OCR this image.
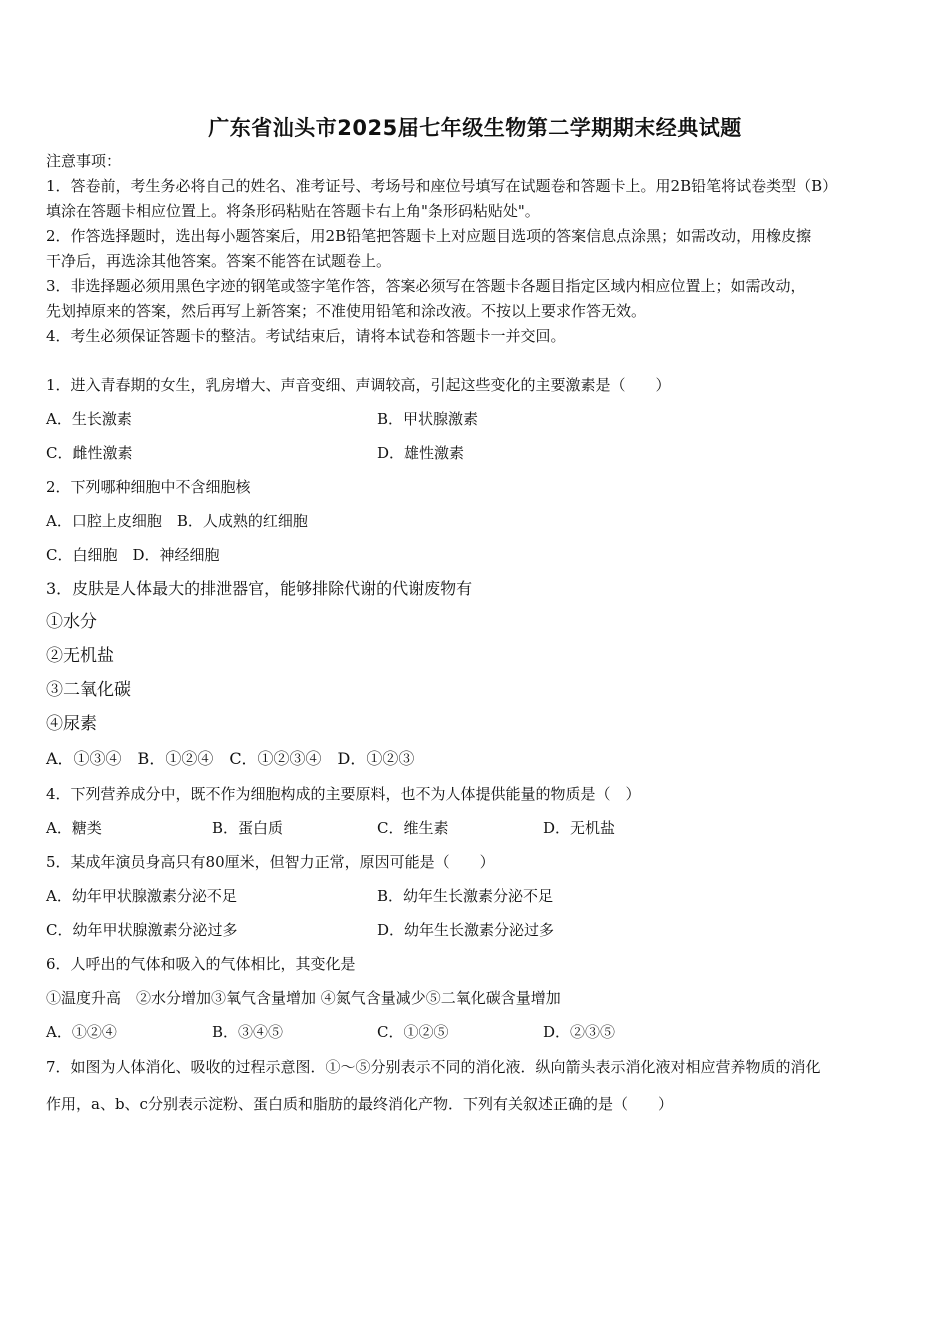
广东省汕头市2025届七年级生物第二学期期末经典试题
注意事项：
1．答卷前，考生务必将自己的姓名、准考证号、考场号和座位号填写在试题卷和答题卡上。用2B铅笔将试卷类型（B）
填涂在答题卡相应位置上。将条形码粘贴在答题卡右上角"条形码粘贴处"。
2．作答选择题时，选出每小题答案后，用2B铅笔把答题卡上对应题目选项的答案信息点涂黑；如需改动，用橡皮擦
干净后，再选涂其他答案。答案不能答在试题卷上。
3．非选择题必须用黑色字迹的钢笔或签字笔作答，答案必须写在答题卡各题目指定区域内相应位置上；如需改动，
先划掉原来的答案，然后再写上新答案；不准使用铅笔和涂改液。不按以上要求作答无效。
4．考生必须保证答题卡的整洁。考试结束后，请将本试卷和答题卡一并交回。
1．进入青春期的女生，乳房增大、声音变细、声调较高，引起这些变化的主要激素是（　　）
A．生长激素	B．甲状腺激素
C．雌性激素	D．雄性激素
2．下列哪种细胞中不含细胞核
A．口腔上皮细胞　B．人成熟的红细胞
C．白细胞　D．神经细胞
3．皮肤是人体最大的排泄器官，能够排除代谢的代谢废物有
①水分
②无机盐
③二氧化碳
④尿素
A．①③④　B．①②④　C．①②③④　D．①②③
4．下列营养成分中，既不作为细胞构成的主要原料，也不为人体提供能量的物质是（　）
A．糖类	B．蛋白质	C．维生素	D．无机盐
5．某成年演员身高只有80厘米，但智力正常，原因可能是（　　）
A．幼年甲状腺激素分泌不足	B．幼年生长激素分泌不足
C．幼年甲状腺激素分泌过多	D．幼年生长激素分泌过多
6．人呼出的气体和吸入的气体相比，其变化是
①温度升高　②水分增加③氧气含量增加 ④氮气含量减少⑤二氧化碳含量增加
A．①②④	B．③④⑤	C．①②⑤	D．②③⑤
7．如图为人体消化、吸收的过程示意图．①～⑤分别表示不同的消化液．纵向箭头表示消化液对相应营养物质的消化
作用，a、b、c分别表示淀粉、蛋白质和脂肪的最终消化产物．下列有关叙述正确的是（　　）
